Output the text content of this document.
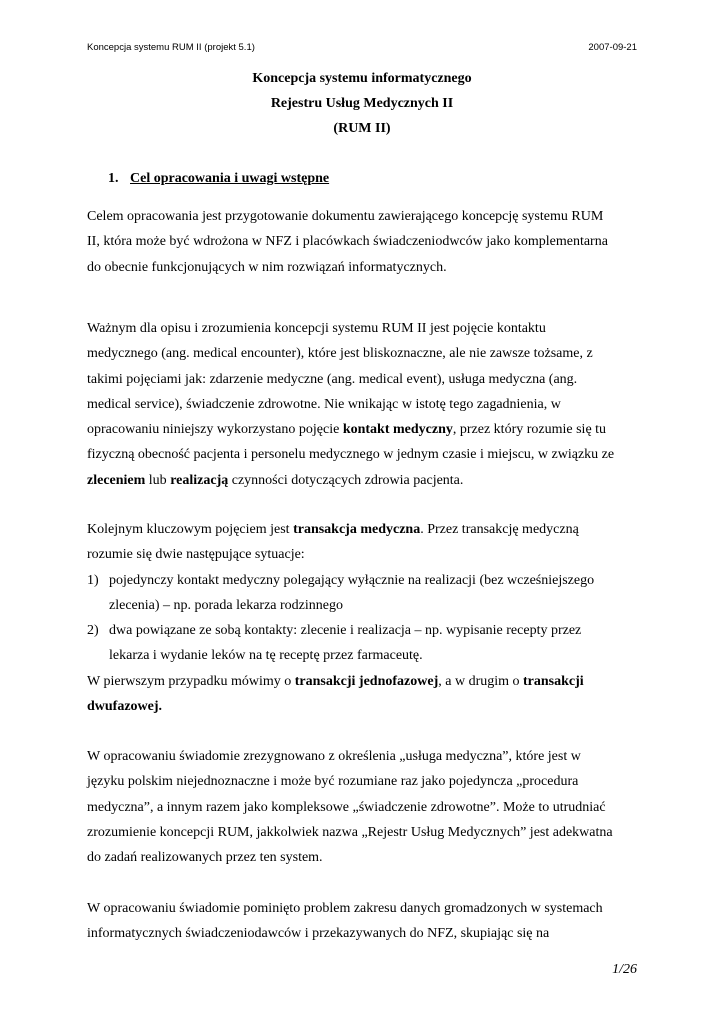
Koncepcja systemu RUM II (projekt 5.1)	2007-09-21
Koncepcja systemu informatycznego
Rejestru Usług Medycznych II
(RUM II)
1. Cel opracowania i uwagi wstępne

Celem opracowania jest przygotowanie dokumentu zawierającego koncepcję systemu RUM

II, która może być wdrożona w NFZ i placówkach świadczeniodwców jako komplementarna

do obecnie funkcjonujących w nim rozwiązań informatycznych.

Ważnym dla opisu i zrozumienia koncepcji systemu RUM II jest pojęcie kontaktu

medycznego (ang. medical encounter), które jest bliskoznaczne, ale nie zawsze tożsame, z

takimi pojęciami jak: zdarzenie medyczne (ang. medical event), usługa medyczna (ang.

medical service), świadczenie zdrowotne. Nie wnikając w istotę tego zagadnienia, w

opracowaniu niniejszy wykorzystano pojęcie kontakt medyczny, przez który rozumie się tu

fizyczną obecność pacjenta i personelu medycznego w jednym czasie i miejscu, w związku ze

zleceniem lub realizacją czynności dotyczących zdrowia pacjenta.

Kolejnym kluczowym pojęciem jest transakcja medyczna. Przez transakcję medyczną

rozumie się dwie następujące sytuacje:

1) pojedynczy kontakt medyczny polegający wyłącznie na realizacji (bez wcześniejszego

zlecenia) – np. porada lekarza rodzinnego

2) dwa powiązane ze sobą kontakty: zlecenie i realizacja – np. wypisanie recepty przez

lekarza i wydanie leków na tę receptę przez farmaceutę.

W pierwszym przypadku mówimy o transakcji jednofazowej, a w drugim o transakcji

dwufazowej.

W opracowaniu świadomie zrezygnowano z określenia „usługa medyczna”, które jest w

języku polskim niejednoznaczne i może być rozumiane raz jako pojedyncza „procedura

medyczna”, a innym razem jako kompleksowe „świadczenie zdrowotne”. Może to utrudniać

zrozumienie koncepcji RUM, jakkolwiek nazwa „Rejestr Usług Medycznych” jest adekwatna

do zadań realizowanych przez ten system.

W opracowaniu świadomie pominięto problem zakresu danych gromadzonych w systemach

informatycznych świadczeniodawców i przekazywanych do NFZ, skupiając się na

1/26
